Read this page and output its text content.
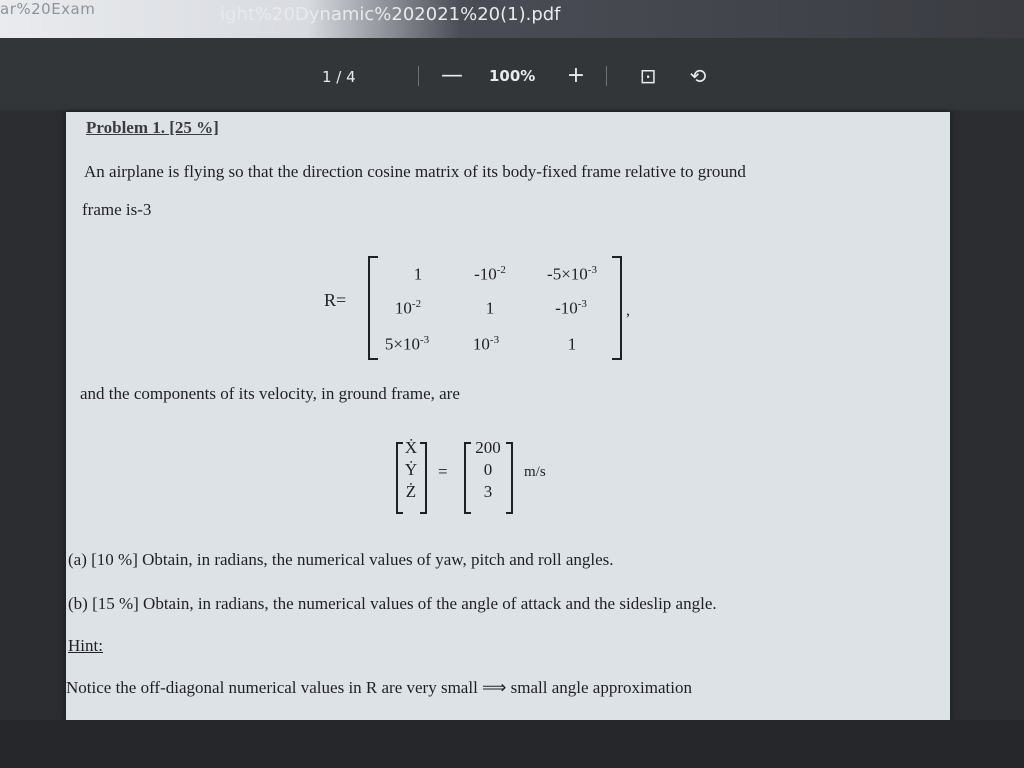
ar%20Exam	ight%20Dynamic%202021%20(1).pdf
1 / 4	— 100% +	⊡ ⟲
Problem 1. [25 %]
An airplane is flying so that the direction cosine matrix of its body-fixed frame relative to ground
frame is-3
R=
1	$-10^{-2}$	$-5\times 10^{-3}$
$10^{-2}$	1	$-10^{-3}$
$5\times 10^{-3}$	$10^{-3}$	1
,
and the components of its velocity, in ground frame, are
Ẋ
Ẏ
Ż
=
200
0
3
m/s
(a) [10 %] Obtain, in radians, the numerical values of yaw, pitch and roll angles.
(b) [15 %] Obtain, in radians, the numerical values of the angle of attack and the sideslip angle.
Hint:
Notice the off-diagonal numerical values in R are very small ⟹ small angle approximation
